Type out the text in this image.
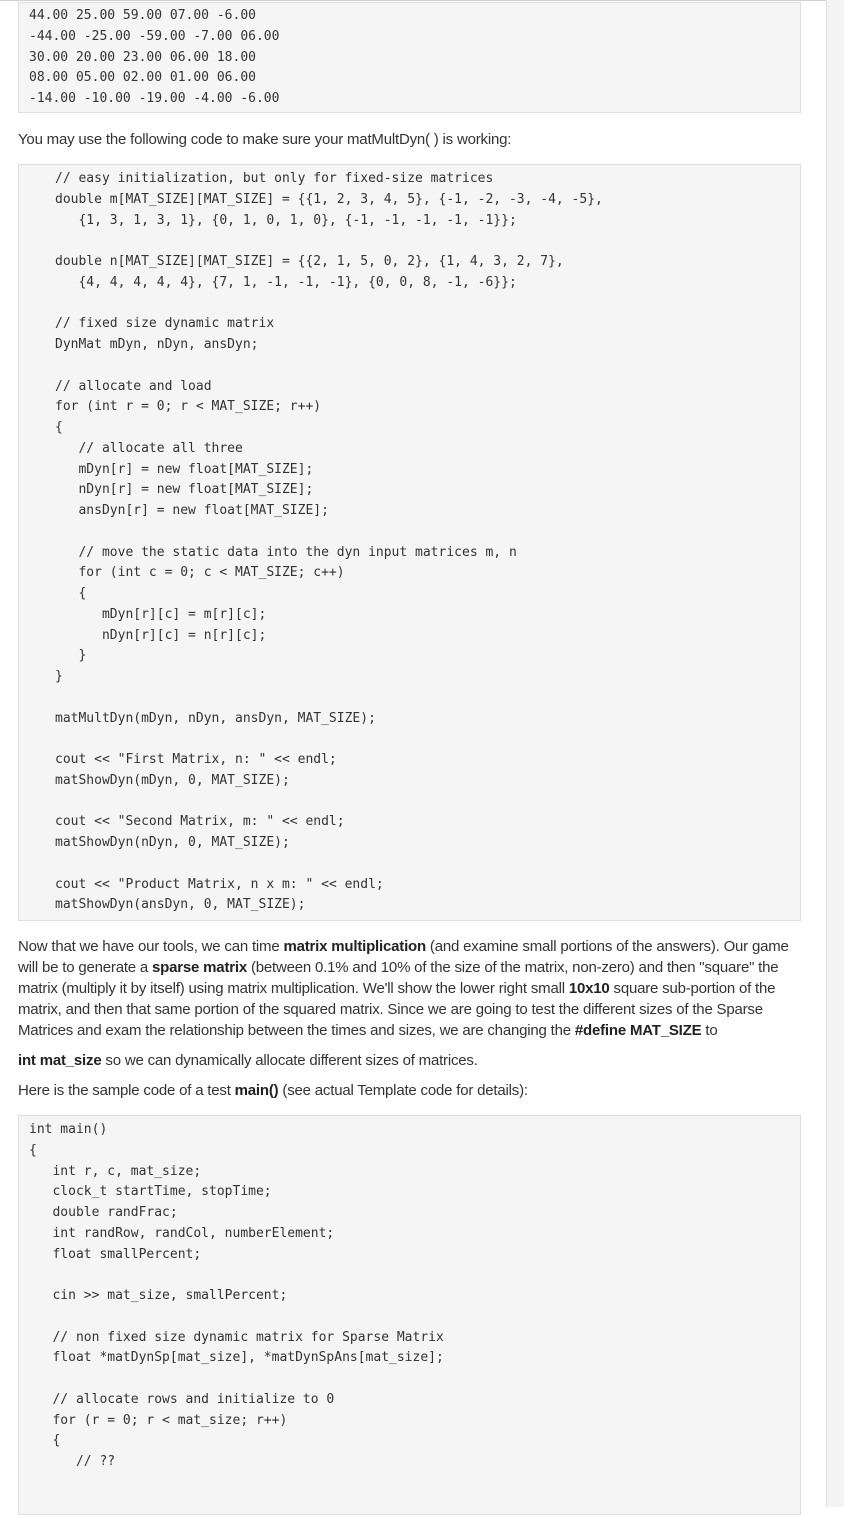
44.00 25.00 59.00 07.00 -6.00
-44.00 -25.00 -59.00 -7.00 06.00
30.00 20.00 23.00 06.00 18.00
08.00 05.00 02.00 01.00 06.00
-14.00 -10.00 -19.00 -4.00 -6.00
You may use the following code to make sure your matMultDyn( ) is working:
// easy initialization, but only for fixed-size matrices
double m[MAT_SIZE][MAT_SIZE] = {{1, 2, 3, 4, 5}, {-1, -2, -3, -4, -5},
{1, 3, 1, 3, 1}, {0, 1, 0, 1, 0}, {-1, -1, -1, -1, -1}};
double n[MAT_SIZE][MAT_SIZE] = {{2, 1, 5, 0, 2}, {1, 4, 3, 2, 7},
{4, 4, 4, 4, 4}, {7, 1, -1, -1, -1}, {0, 0, 8, -1, -6}};
// fixed size dynamic matrix
DynMat mDyn, nDyn, ansDyn;
// allocate and load
for (int r = 0; r < MAT_SIZE; r++)
{
// allocate all three
mDyn[r] = new float[MAT_SIZE];
nDyn[r] = new float[MAT_SIZE];
ansDyn[r] = new float[MAT_SIZE];
// move the static data into the dyn input matrices m, n
for (int c = 0; c < MAT_SIZE; c++)
{
mDyn[r][c] = m[r][c];
nDyn[r][c] = n[r][c];
}
}
matMultDyn(mDyn, nDyn, ansDyn, MAT_SIZE);
cout << "First Matrix, n: " << endl;
matShowDyn(mDyn, 0, MAT_SIZE);
cout << "Second Matrix, m: " << endl;
matShowDyn(nDyn, 0, MAT_SIZE);
cout << "Product Matrix, n x m: " << endl;
matShowDyn(ansDyn, 0, MAT_SIZE);
Now that we have our tools, we can time matrix multiplication (and examine small portions of the answers). Our game will be to generate a sparse matrix (between 0.1% and 10% of the size of the matrix, non-zero) and then "square" the matrix (multiply it by itself) using matrix multiplication. We'll show the lower right small 10x10 square sub-portion of the matrix, and then that same portion of the squared matrix. Since we are going to test the different sizes of the Sparse Matrices and exam the relationship between the times and sizes, we are changing the #define MAT_SIZE to
int mat_size so we can dynamically allocate different sizes of matrices.
Here is the sample code of a test main() (see actual Template code for details):
int main()
{
int r, c, mat_size;
clock_t startTime, stopTime;
double randFrac;
int randRow, randCol, numberElement;
float smallPercent;
cin >> mat_size, smallPercent;
// non fixed size dynamic matrix for Sparse Matrix
float *matDynSp[mat_size], *matDynSpAns[mat_size];
// allocate rows and initialize to 0
for (r = 0; r < mat_size; r++)
{
// ??
